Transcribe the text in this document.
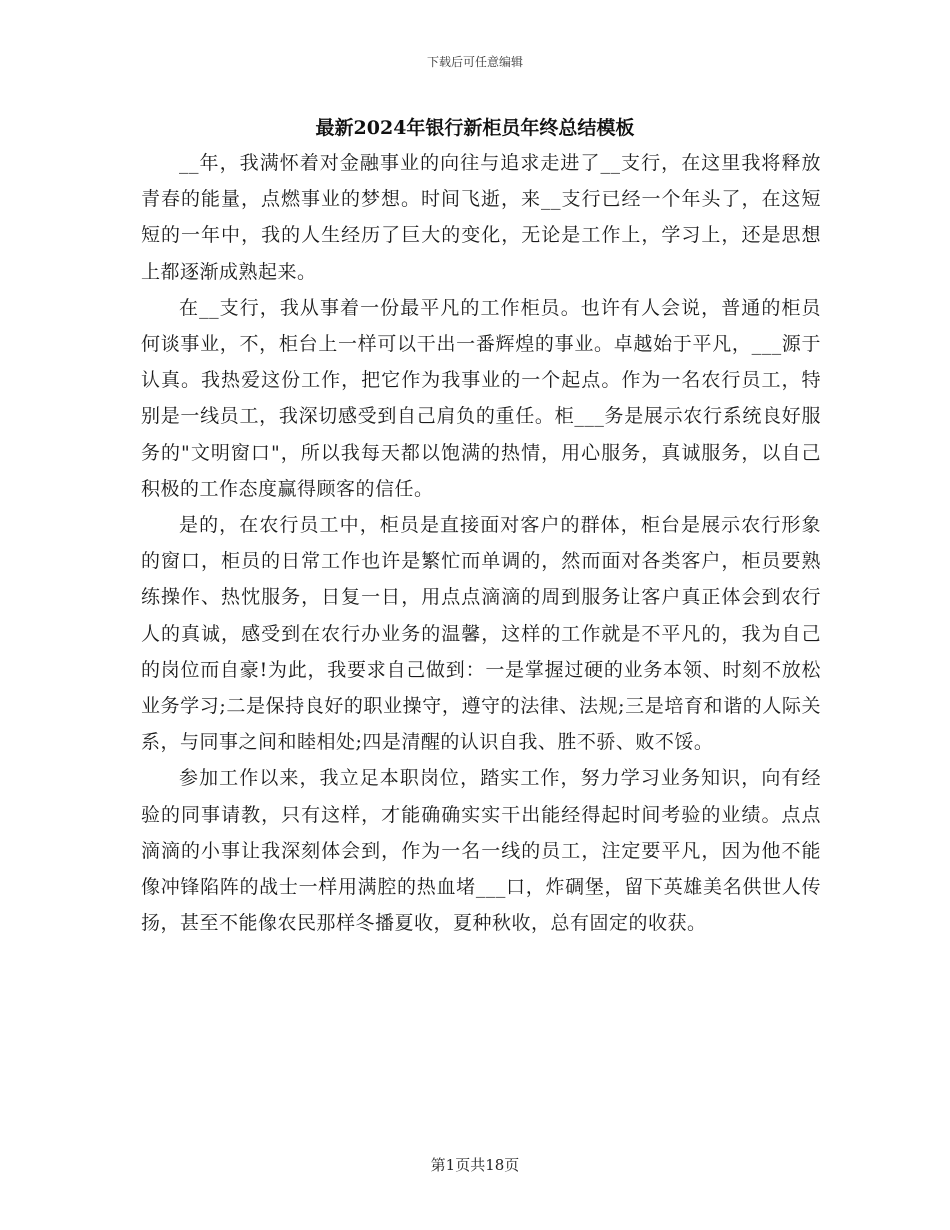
下载后可任意编辑
最新2024年银行新柜员年终总结模板

__年，我满怀着对金融事业的向往与追求走进了__支行，在这里我将释放青春的能量，点燃事业的梦想。时间飞逝，来__支行已经一个年头了，在这短短的一年中，我的人生经历了巨大的变化，无论是工作上，学习上，还是思想上都逐渐成熟起来。

在__支行，我从事着一份最平凡的工作柜员。也许有人会说，普通的柜员何谈事业，不，柜台上一样可以干出一番辉煌的事业。卓越始于平凡，___源于认真。我热爱这份工作，把它作为我事业的一个起点。作为一名农行员工，特别是一线员工，我深切感受到自己肩负的重任。柜___务是展示农行系统良好服务的"文明窗口"，所以我每天都以饱满的热情，用心服务，真诚服务，以自己积极的工作态度赢得顾客的信任。

是的，在农行员工中，柜员是直接面对客户的群体，柜台是展示农行形象的窗口，柜员的日常工作也许是繁忙而单调的，然而面对各类客户，柜员要熟练操作、热忱服务，日复一日，用点点滴滴的周到服务让客户真正体会到农行人的真诚，感受到在农行办业务的温馨，这样的工作就是不平凡的，我为自己的岗位而自豪!为此，我要求自己做到：一是掌握过硬的业务本领、时刻不放松业务学习;二是保持良好的职业操守，遵守的法律、法规;三是培育和谐的人际关系，与同事之间和睦相处;四是清醒的认识自我、胜不骄、败不馁。

参加工作以来，我立足本职岗位，踏实工作，努力学习业务知识，向有经验的同事请教，只有这样，才能确确实实干出能经得起时间考验的业绩。点点滴滴的小事让我深刻体会到，作为一名一线的员工，注定要平凡，因为他不能像冲锋陷阵的战士一样用满腔的热血堵___口，炸碉堡，留下英雄美名供世人传扬，甚至不能像农民那样冬播夏收，夏种秋收，总有固定的收获。

第1页共18页
